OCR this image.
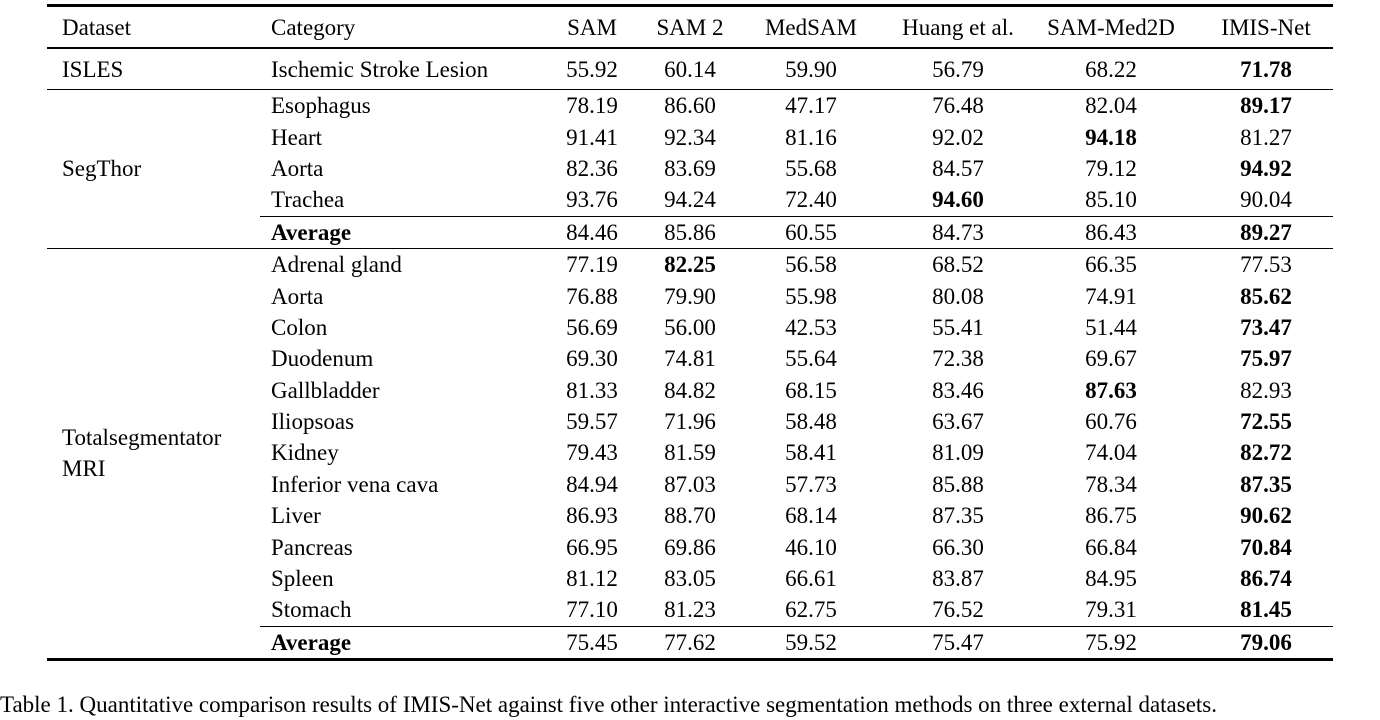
Dataset	Category	SAM	SAM 2	MedSAM	Huang et al.	SAM-Med2D	IMIS-Net

ISLES	Ischemic Stroke Lesion	55.92	60.14	59.90	56.79	68.22	71.78

SegThor	Esophagus	78.19	86.60	47.17	76.48	82.04	89.17
	Heart	91.41	92.34	81.16	92.02	94.18	81.27
	Aorta	82.36	83.69	55.68	84.57	79.12	94.92
	Trachea	93.76	94.24	72.40	94.60	85.10	90.04
	Average	84.46	85.86	60.55	84.73	86.43	89.27

Totalsegmentator
MRI	Adrenal gland	77.19	82.25	56.58	68.52	66.35	77.53
	Aorta	76.88	79.90	55.98	80.08	74.91	85.62
	Colon	56.69	56.00	42.53	55.41	51.44	73.47
	Duodenum	69.30	74.81	55.64	72.38	69.67	75.97
	Gallbladder	81.33	84.82	68.15	83.46	87.63	82.93
	Iliopsoas	59.57	71.96	58.48	63.67	60.76	72.55
	Kidney	79.43	81.59	58.41	81.09	74.04	82.72
	Inferior vena cava	84.94	87.03	57.73	85.88	78.34	87.35
	Liver	86.93	88.70	68.14	87.35	86.75	90.62
	Pancreas	66.95	69.86	46.10	66.30	66.84	70.84
	Spleen	81.12	83.05	66.61	83.87	84.95	86.74
	Stomach	77.10	81.23	62.75	76.52	79.31	81.45
	Average	75.45	77.62	59.52	75.47	75.92	79.06
Table 1. Quantitative comparison results of IMIS-Net against five other interactive segmentation methods on three external datasets.
